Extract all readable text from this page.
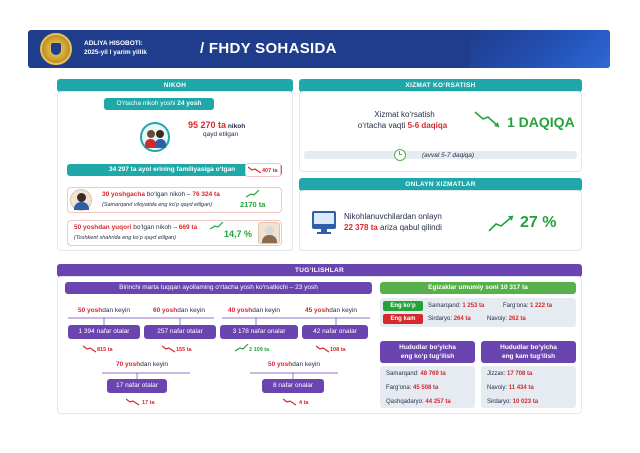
ADLIYA HISOBOTI:
2025-yil I yarim yillik	/ FHDY SOHASIDA
NIKOH
O‘rtacha nikoh yoshi 24 yosh
95 270 ta nikoh
qayd etilgan
34 297 ta ayol erining familiyasiga o‘tgan	407 ta
30 yoshgacha bo‘lgan nikoh – 76 324 ta
(Samarqand viloyatida eng ko‘p qayd etilgan)	2170 ta
50 yoshdan yuqori bo‘lgan nikoh – 669 ta
(Toshkent shahrida eng ko‘p qayd etilgan)	14,7 %
XIZMAT KO‘RSATISH
Xizmat ko‘rsatish
o‘rtacha vaqti 5-6 daqiqa	1 DAQIQA
(avval 5-7 daqiqa)
ONLAYN XIZMATLAR
Nikohlanuvchilardan onlayn
22 378 ta ariza qabul qilindi	27 %
TUG‘ILISHLAR
Birinchi marta tuqqan ayollaming o‘rtacha yosh ko‘rsatkichi – 23 yosh
50 yoshdan keyin
1 394 nafar otalar
815 ta
60 yoshdan keyin
257 nafar otalar
155 ta
40 yoshdan keyin
3 178 nafar onalar
2 109 ta
45 yoshdan keyin
42 nafar onalar
108 ta
70 yoshdan keyin
17 nafar otalar
17 ta
50 yoshdan keyin
8 nafar onalar
4 ta
Egizaklar umumiy soni 10 317 ta
Eng ko‘p	Samarqand: 1 253 ta	Farg‘ona: 1 222 ta
Eng kam	Sirdaryo: 264 ta	Navoiy: 262 ta
Hududlar bo‘yicha
eng ko‘p tug‘ilish
Samarqand: 48 769 ta
Farg‘ona: 45 508 ta
Qashqadaryo: 44 257 ta
Hududlar bo‘yicha
eng kam tug‘ilish
Jizzax: 17 708 ta
Navoiy: 11 434 ta
Sirdaryo: 10 023 ta
